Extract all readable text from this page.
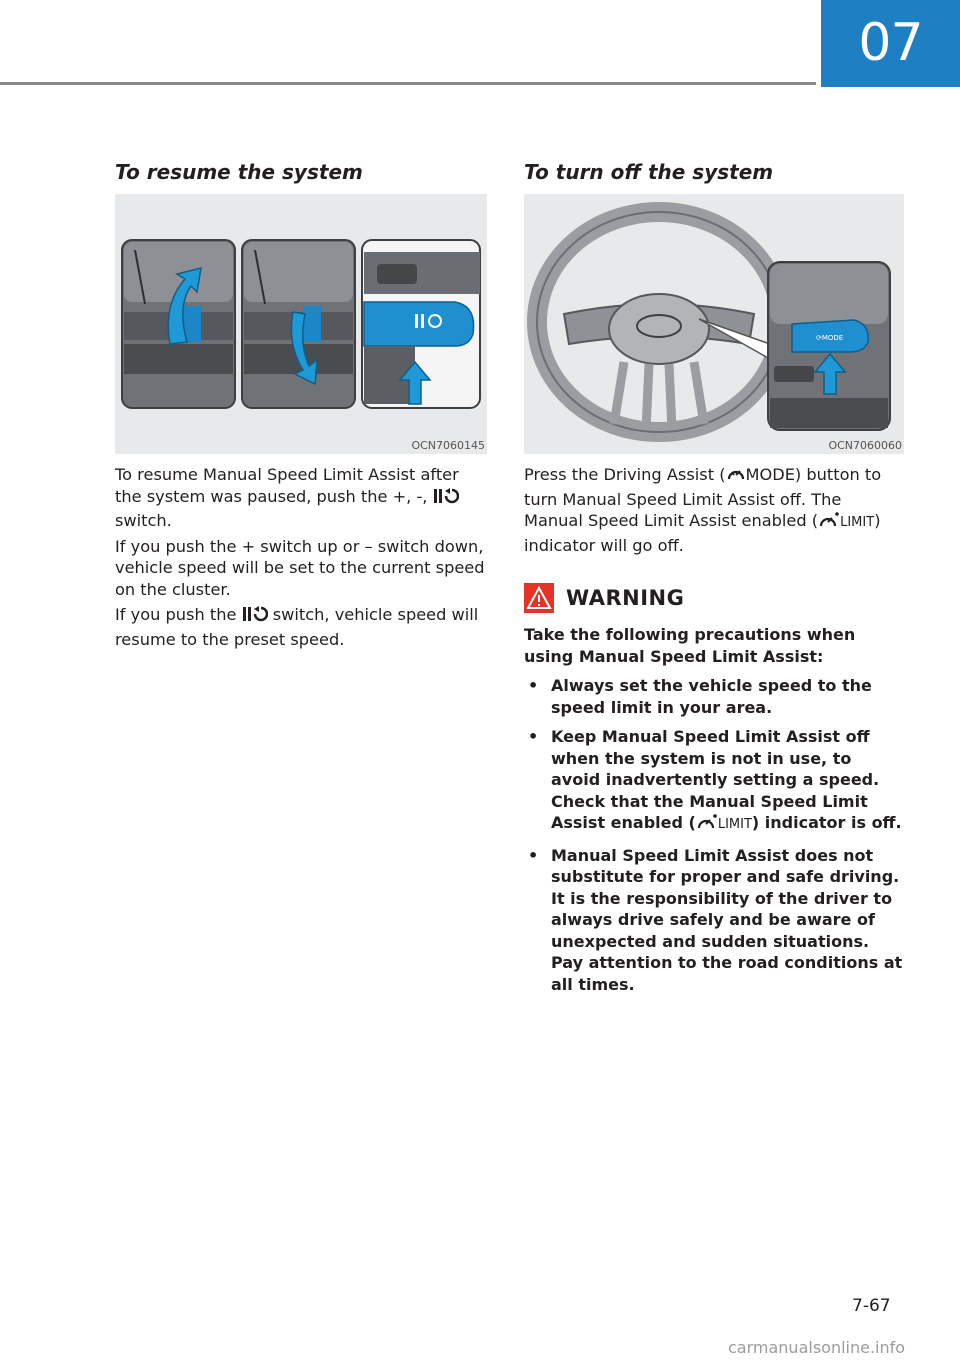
07
To resume the system
OCN7060145

To resume Manual Speed Limit Assist after the system was paused, push the +, -,  switch.

If you push the + switch up or – switch down, vehicle speed will be set to the current speed on the cluster.

If you push the  switch, vehicle speed will resume to the preset speed.

To turn off the system
⟳MODE
OCN7060060

Press the Driving Assist ( MODE) button to turn Manual Speed Limit Assist off. The Manual Speed Limit Assist enabled ( LIMIT) indicator will go off.

WARNING

Take the following precautions when using Manual Speed Limit Assist:

• Always set the vehicle speed to the speed limit in your area.
• Keep Manual Speed Limit Assist off when the system is not in use, to avoid inadvertently setting a speed. Check that the Manual Speed Limit Assist enabled ( LIMIT) indicator is off.
• Manual Speed Limit Assist does not substitute for proper and safe driving. It is the responsibility of the driver to always drive safely and be aware of unexpected and sudden situations. Pay attention to the road conditions at all times.
7-67
carmanualsonline.info
